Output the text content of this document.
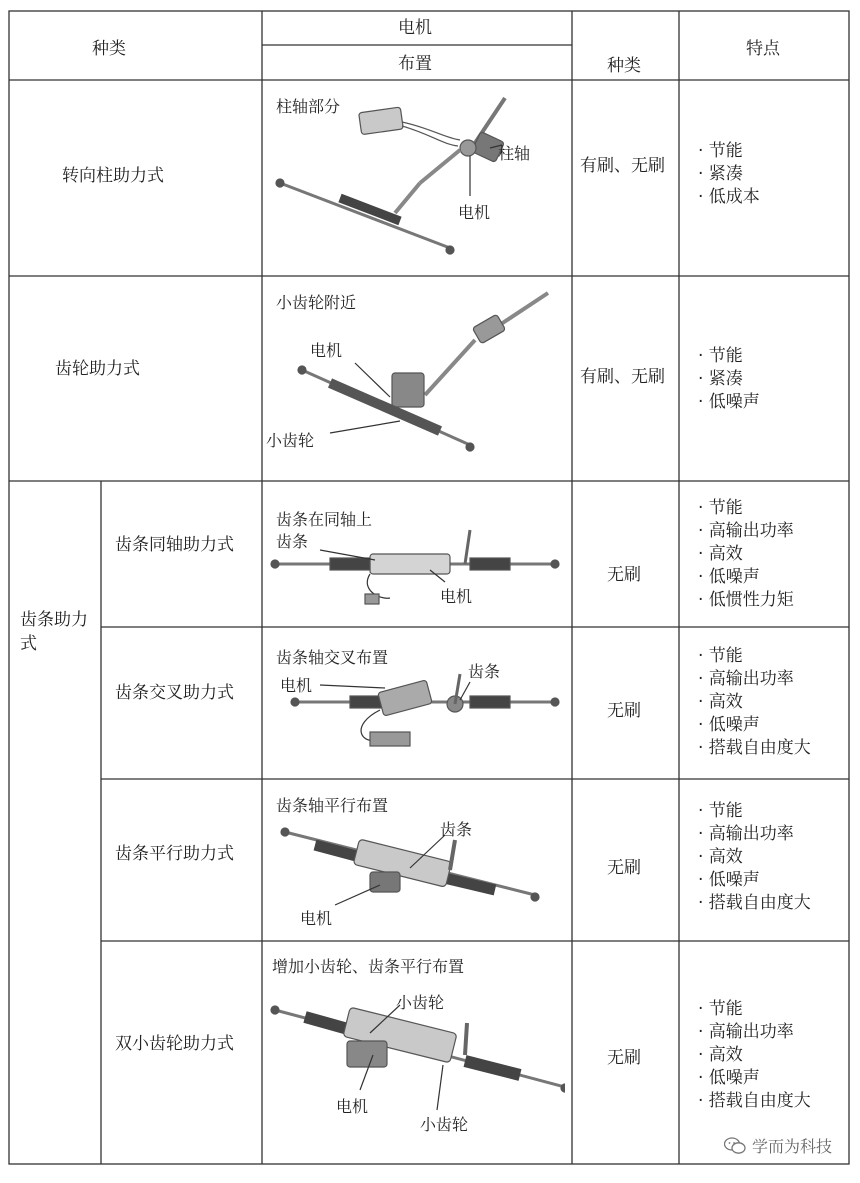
种类
电机
布置	种类
特点
转向柱助力式
柱轴部分
柱轴
电机
有刷、无刷
· 节能
· 紧凑
· 低成本
齿轮助力式
小齿轮附近
电机
小齿轮
有刷、无刷
· 节能
· 紧凑
· 低噪声
齿条助力式
齿条同轴助力式
齿条在同轴上
齿条
电机
无刷
· 节能
· 高输出功率
· 高效
· 低噪声
· 低惯性力矩
齿条交叉助力式
齿条轴交叉布置
电机
齿条
无刷
· 节能
· 高输出功率
· 高效
· 低噪声
· 搭载自由度大
齿条平行助力式
齿条轴平行布置
齿条
电机
无刷
· 节能
· 高输出功率
· 高效
· 低噪声
· 搭载自由度大
双小齿轮助力式
增加小齿轮、齿条平行布置
小齿轮
电机
小齿轮
无刷
· 节能
· 高输出功率
· 高效
· 低噪声
· 搭载自由度大
学而为科技
